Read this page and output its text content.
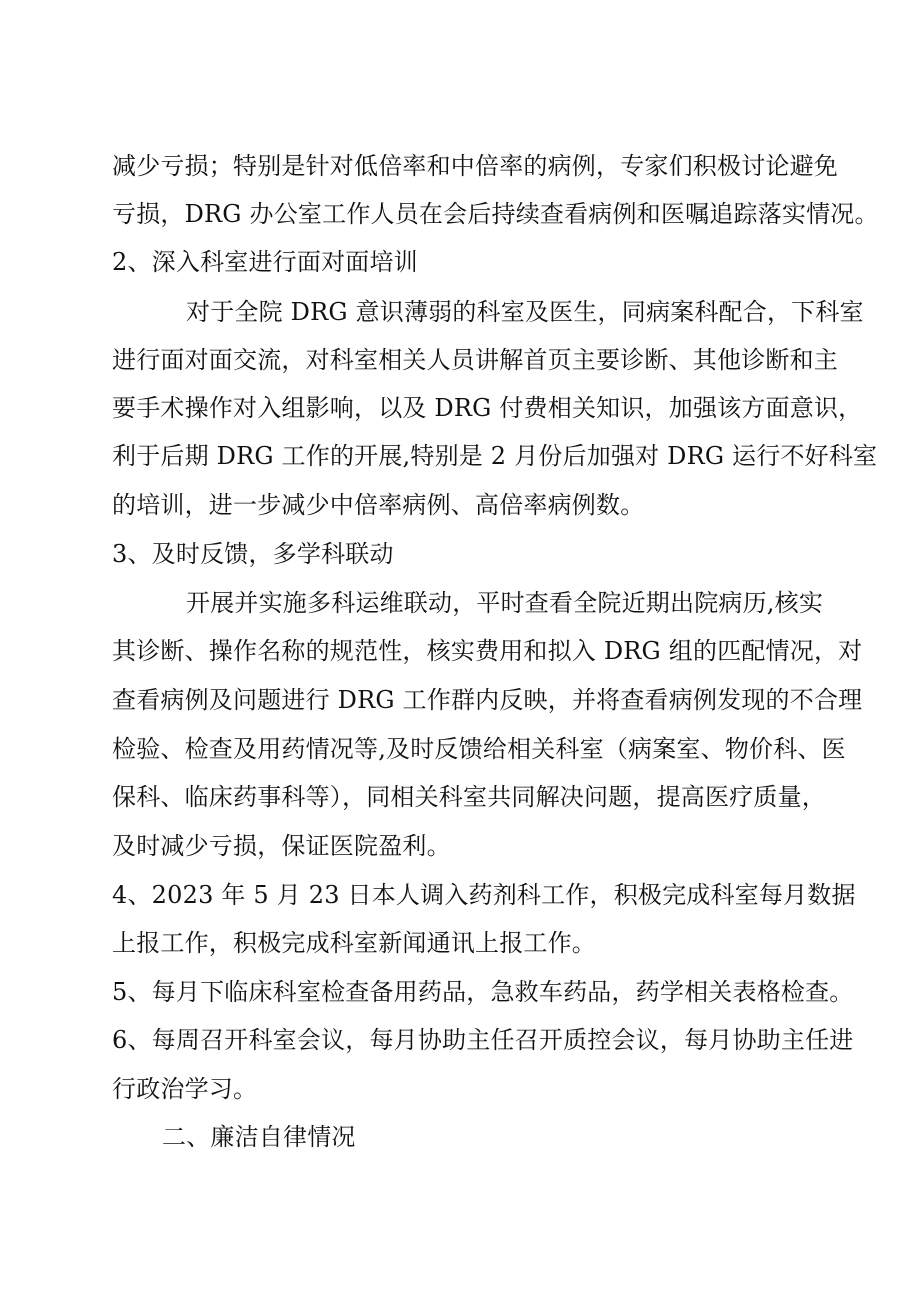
减少亏损；特别是针对低倍率和中倍率的病例，专家们积极讨论避免
亏损，DRG 办公室工作人员在会后持续查看病例和医嘱追踪落实情况。
2、深入科室进行面对面培训
对于全院 DRG 意识薄弱的科室及医生，同病案科配合，下科室
进行面对面交流，对科室相关人员讲解首页主要诊断、其他诊断和主
要手术操作对入组影响，以及 DRG 付费相关知识，加强该方面意识，
利于后期 DRG 工作的开展,特别是 2 月份后加强对 DRG 运行不好科室
的培训，进一步减少中倍率病例、高倍率病例数。
3、及时反馈，多学科联动
开展并实施多科运维联动，平时查看全院近期出院病历,核实
其诊断、操作名称的规范性，核实费用和拟入 DRG 组的匹配情况，对
查看病例及问题进行 DRG 工作群内反映，并将查看病例发现的不合理
检验、检查及用药情况等,及时反馈给相关科室（病案室、物价科、医
保科、临床药事科等），同相关科室共同解决问题，提高医疗质量，
及时减少亏损，保证医院盈利。
4、2023 年 5 月 23 日本人调入药剂科工作，积极完成科室每月数据
上报工作，积极完成科室新闻通讯上报工作。
5、每月下临床科室检查备用药品，急救车药品，药学相关表格检查。
6、每周召开科室会议，每月协助主任召开质控会议，每月协助主任进
行政治学习。
二、廉洁自律情况
